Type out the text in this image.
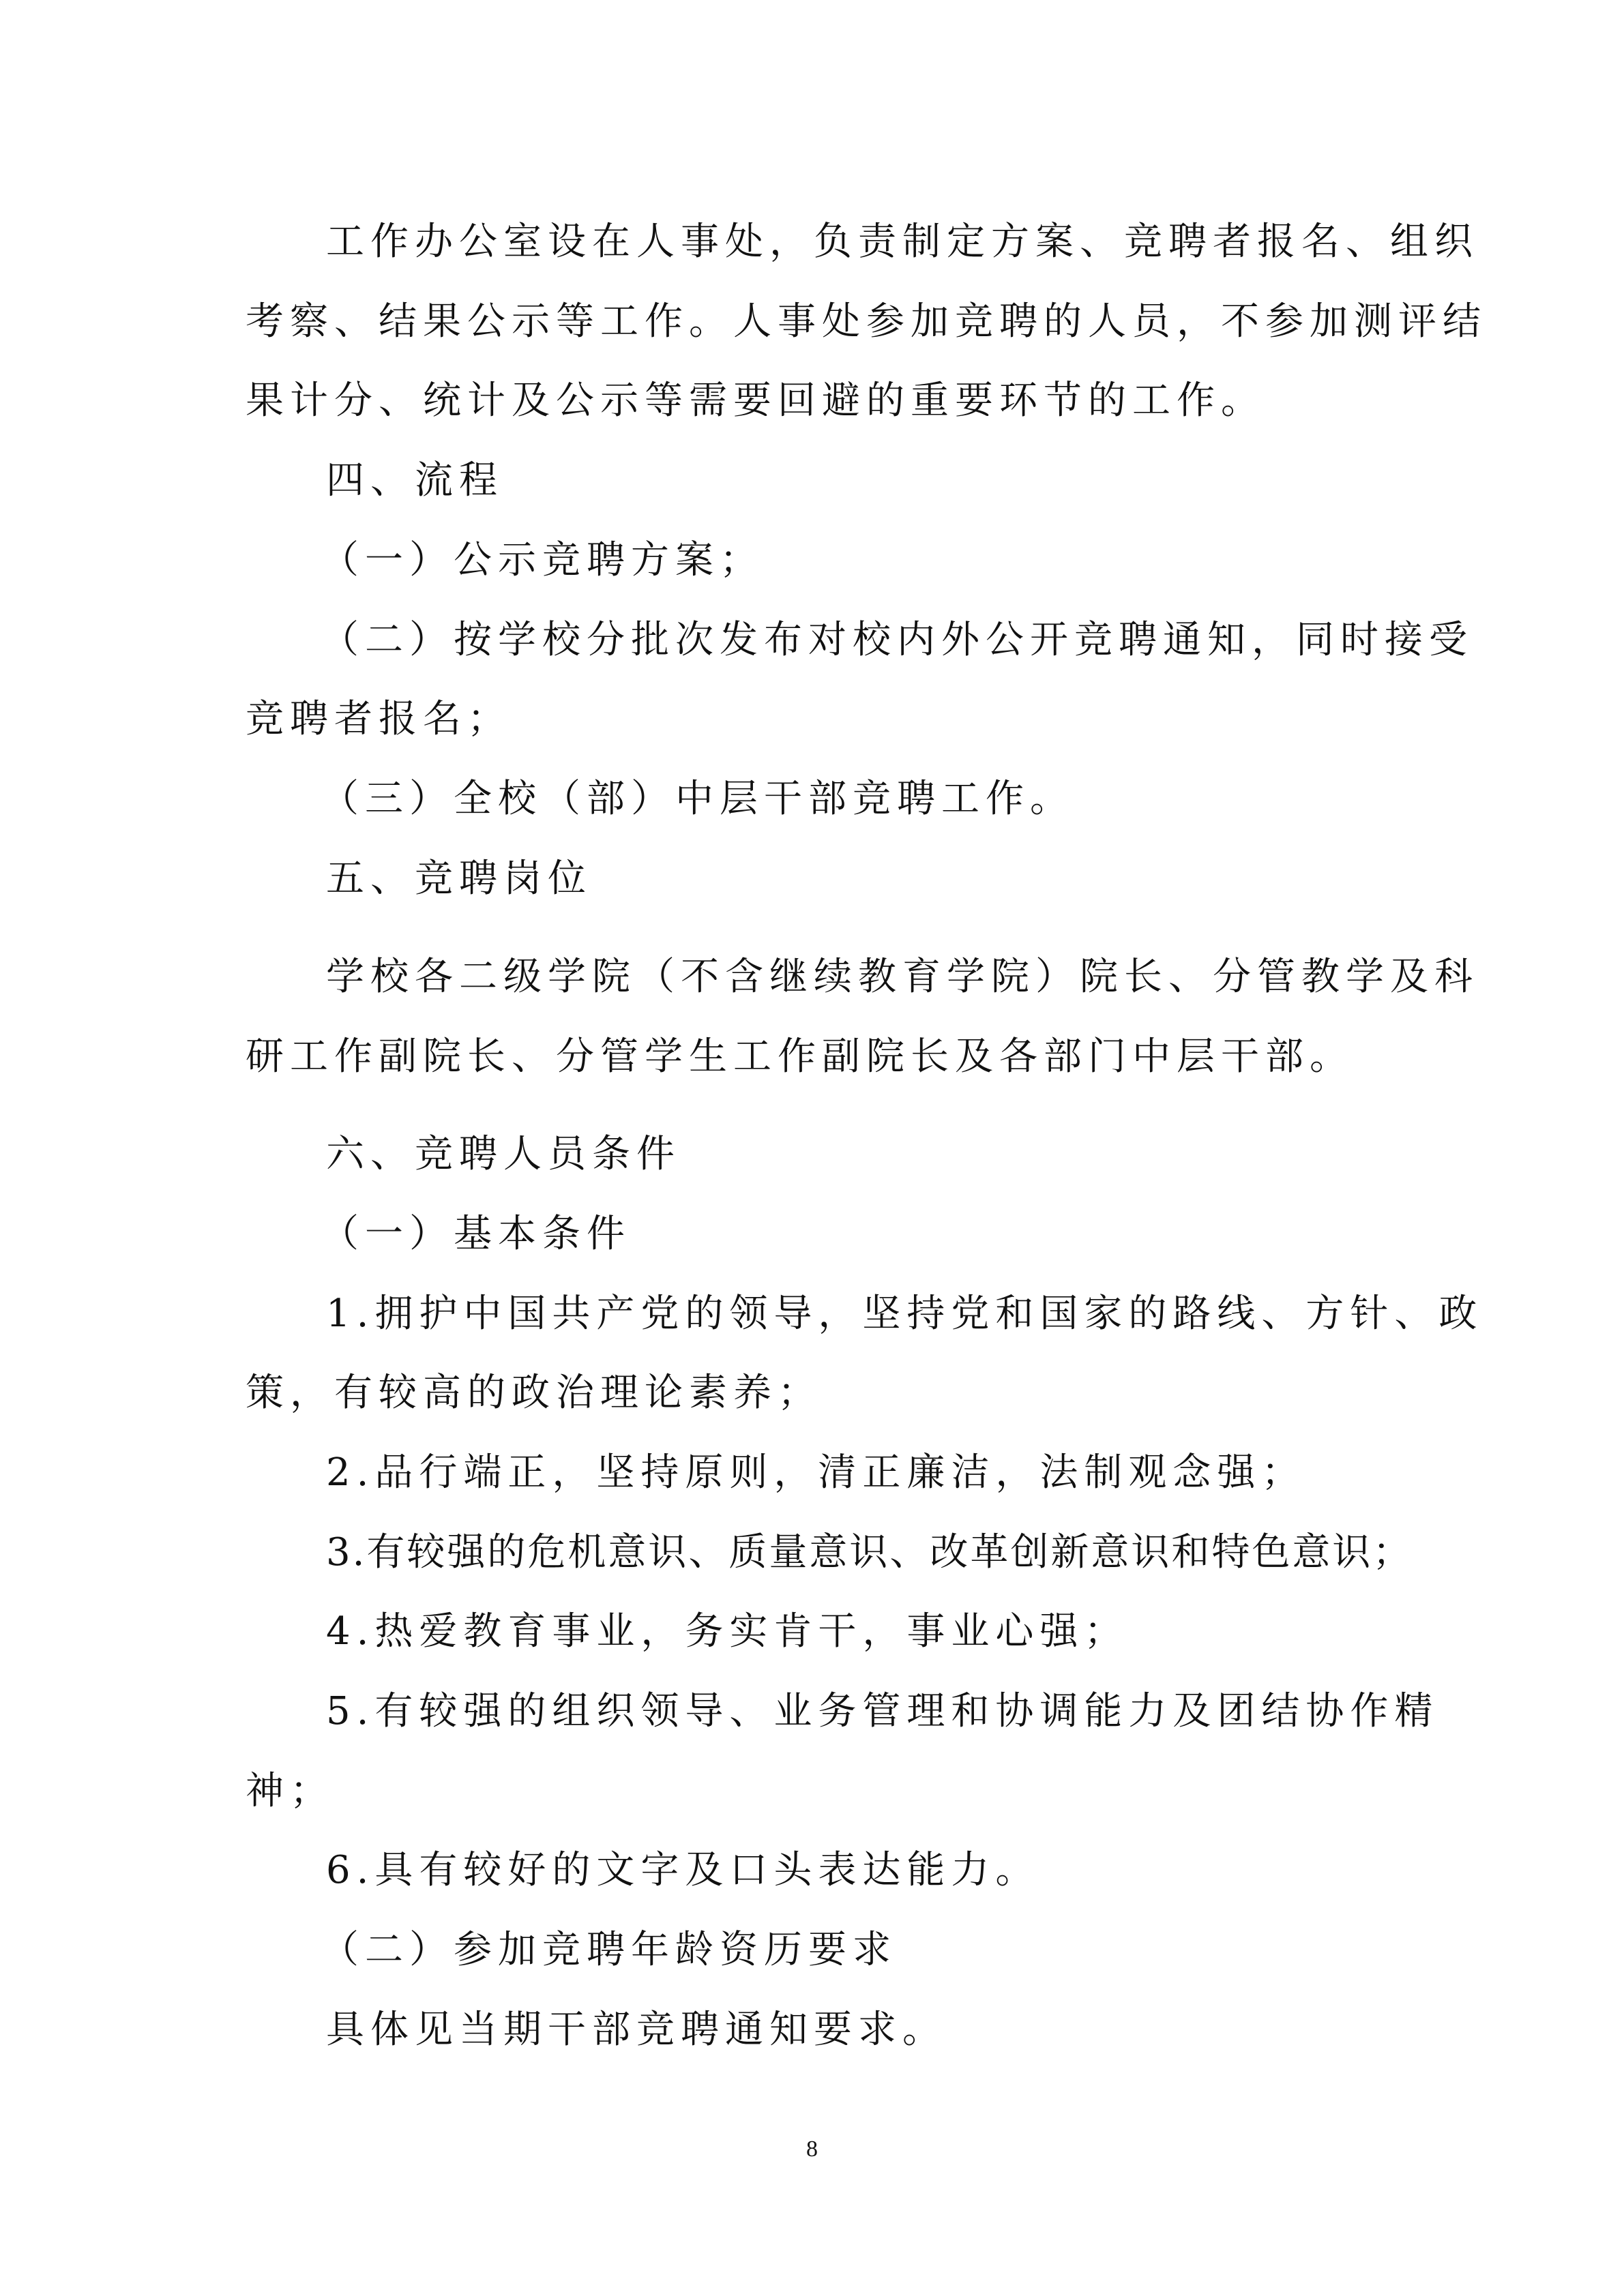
工作办公室设在人事处，负责制定方案、竞聘者报名、组织
考察、结果公示等工作。人事处参加竞聘的人员，不参加测评结
果计分、统计及公示等需要回避的重要环节的工作。
四、流程
（一）公示竞聘方案；
（二）按学校分批次发布对校内外公开竞聘通知，同时接受
竞聘者报名；
（三）全校（部）中层干部竞聘工作。
五、竞聘岗位
学校各二级学院（不含继续教育学院）院长、分管教学及科
研工作副院长、分管学生工作副院长及各部门中层干部。
六、竞聘人员条件
（一）基本条件
1.拥护中国共产党的领导，坚持党和国家的路线、方针、政
策，有较高的政治理论素养；
2.品行端正，坚持原则，清正廉洁，法制观念强；
3.有较强的危机意识、质量意识、改革创新意识和特色意识；
4.热爱教育事业，务实肯干，事业心强；
5.有较强的组织领导、业务管理和协调能力及团结协作精
神；
6.具有较好的文字及口头表达能力。
（二）参加竞聘年龄资历要求
具体见当期干部竞聘通知要求。
8
